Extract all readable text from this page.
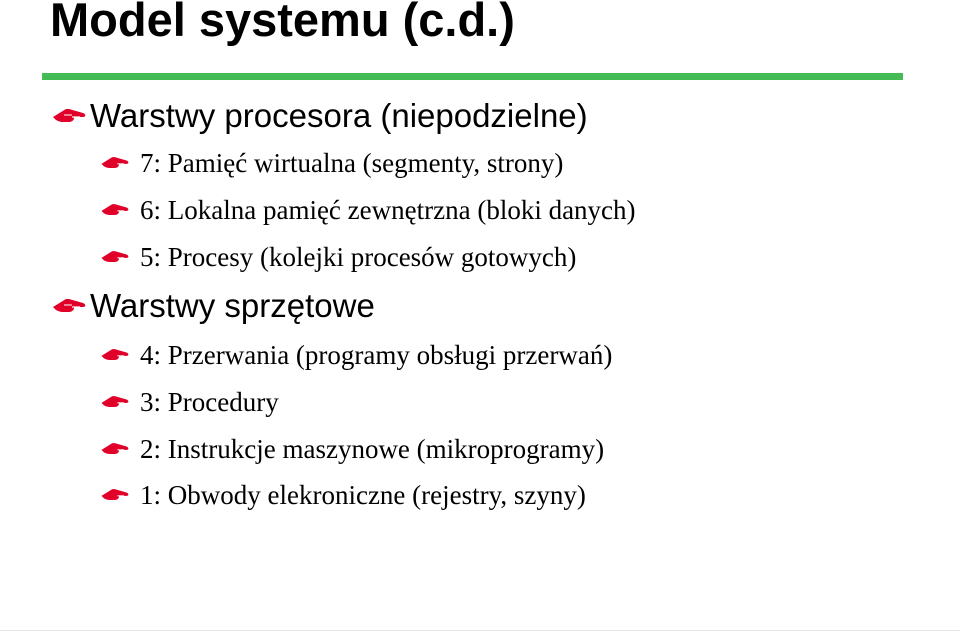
Model systemu (c.d.)
Warstwy procesora (niepodzielne)
7: Pamięć wirtualna (segmenty, strony)
6: Lokalna pamięć zewnętrzna (bloki danych)
5: Procesy (kolejki procesów gotowych)
Warstwy sprzętowe
4: Przerwania (programy obsługi przerwań)
3: Procedury
2: Instrukcje maszynowe (mikroprogramy)
1: Obwody elekroniczne (rejestry, szyny)
